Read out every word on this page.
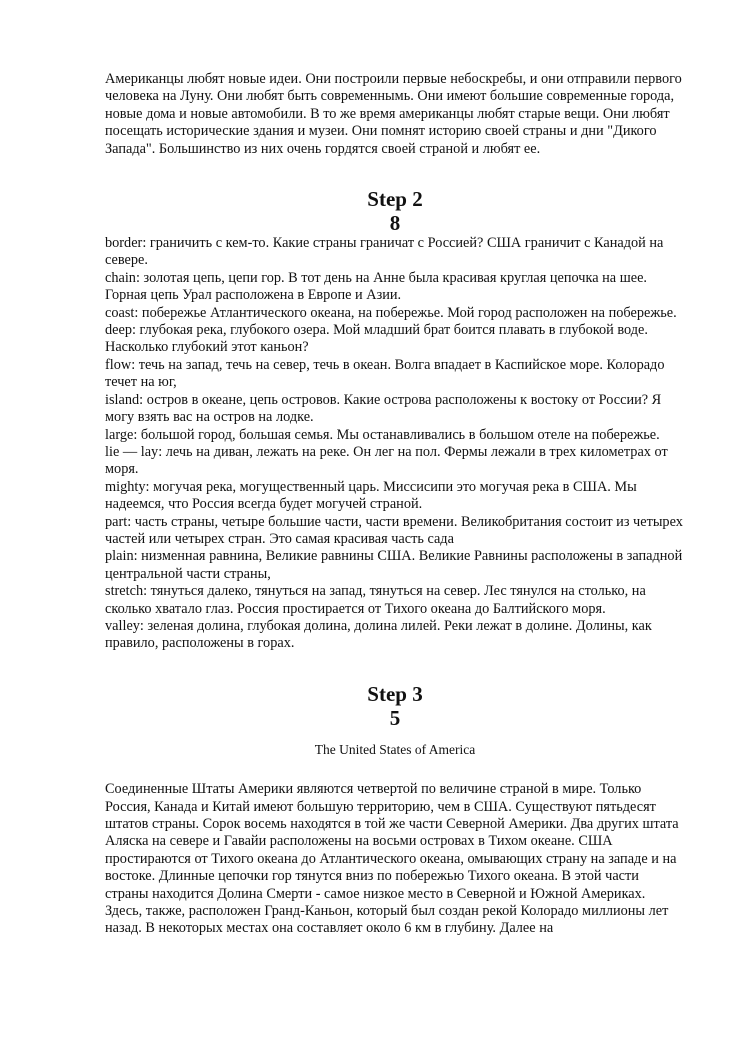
Американцы любят новые идеи. Они построили первые небоскребы, и они отправили первого человека на Луну. Они любят быть современнымь. Они имеют большие современные города, новые дома и новые автомобили. В то же время американцы любят старые вещи. Они любят посещать исторические здания и музеи. Они помнят историю своей страны и дни "Дикого Запада". Большинство из них очень гордятся своей страной и любят ее.

Step 2
8

border: граничить с кем-то. Какие страны граничат с Россией? США граничит с Канадой на севере.

chain: золотая цепь, цепи гор. В тот день на Анне была красивая круглая цепочка на шее. Горная цепь Урал расположена в Европе и Азии.

coast: побережье Атлантического океана, на побережье. Мой город расположен на побережье.

deep: глубокая река, глубокого озера. Мой младший брат боится плавать в глубокой воде. Насколько глубокий этот каньон?

flow: течь на запад, течь на север, течь в океан. Волга впадает в Каспийское море. Колорадо течет на юг,

island: остров в океане, цепь островов. Какие острова расположены к востоку от России? Я могу взять вас на остров на лодке.

large: большой город, большая семья. Мы останавливались в большом отеле на побережье.

lie — lay: лечь на диван, лежать на реке. Он лег на пол. Фермы лежали в трех километрах от моря.

mighty: могучая река, могущественный царь. Миссисипи это могучая река в США. Мы надеемся, что Россия всегда будет могучей страной.

part: часть страны, четыре большие части, части времени. Великобритания состоит из четырех частей или четырех стран. Это самая красивая часть сада

plain: низменная равнина, Великие равнины США. Великие Равнины расположены в западной центральной части страны,

stretch: тянуться далеко, тянуться на запад, тянуться на север. Лес тянулся на столько, на сколько хватало глаз. Россия простирается от Тихого океана до Балтийского моря.

valley: зеленая долина, глубокая долина, долина лилей. Реки лежат в долине. Долины, как правило, расположены в горах.

Step 3
5

The United States of America

Соединенные Штаты Америки являются четвертой по величине страной в мире. Только Россия, Канада и Китай имеют большую территорию, чем в США. Существуют пятьдесят штатов страны. Сорок восемь находятся в той же части Северной Америки. Два других штата Аляска на севере и Гавайи расположены на восьми островах в Тихом океане. США простираются от Тихого океана до Атлантического океана, омывающих страну на западе и на востоке. Длинные цепочки гор тянутся вниз по побережью Тихого океана. В этой части страны находится Долина Смерти - самое низкое место в Северной и Южной Америках. Здесь, также, расположен Гранд-Каньон, который был создан рекой Колорадо миллионы лет назад. В некоторых местах она составляет около 6 км в глубину. Далее на
